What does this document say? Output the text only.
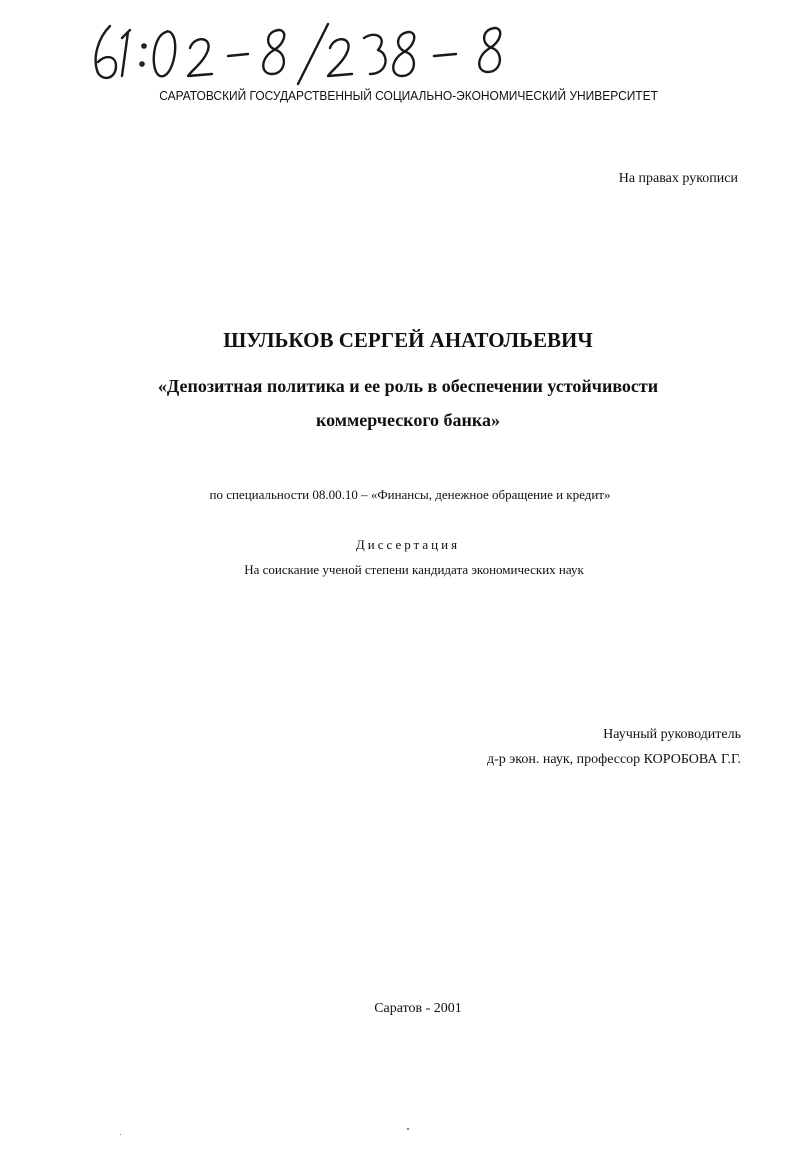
САРАТОВСКИЙ ГОСУДАРСТВЕННЫЙ СОЦИАЛЬНО-ЭКОНОМИЧЕСКИЙ УНИВЕРСИТЕТ
На правах рукописи
ШУЛЬКОВ СЕРГЕЙ АНАТОЛЬЕВИЧ
«Депозитная политика и ее роль в обеспечении устойчивости
коммерческого банка»
по специальности 08.00.10 – «Финансы, денежное обращение и кредит»
Диссертация
На соискание ученой степени кандидата экономических наук
Научный руководитель
д-р экон. наук, профессор КОРОБОВА Г.Г.
Саратов - 2001
